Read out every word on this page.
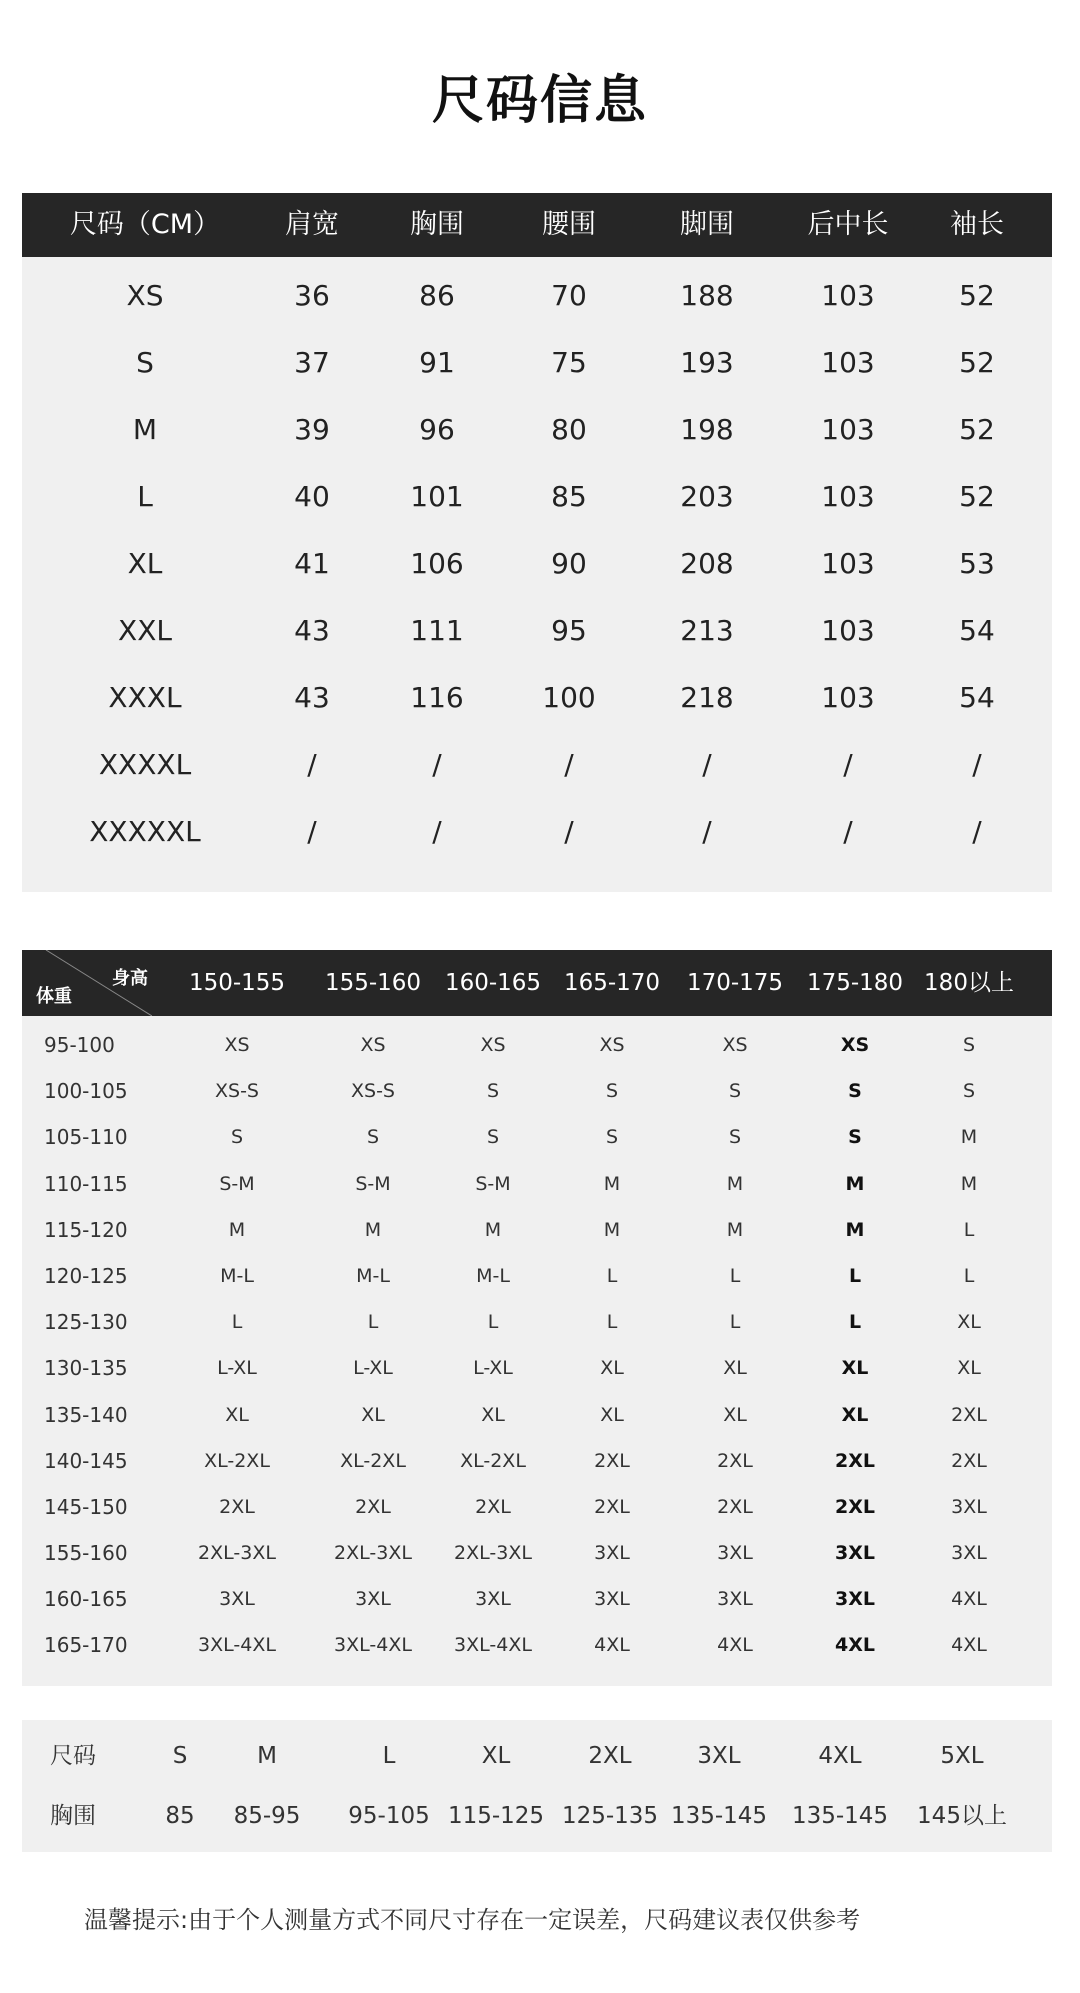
尺码信息
尺码（CM） 肩宽	胸围	腰围	脚围	后中长 袖长
XS	36	86	70	188	103	52
S	37	91	75	193	103	52
M	39	96	80	198	103	52
L	40	101	85	203	103	52
XL	41	106	90	208	103	53
XXL	43	111	95	213	103	54
XXXL	43	116	100	218	103	54
XXXXL	/	/	/	/	/	/
XXXXXL	/	/	/	/	/	/
身高
体重
150-155 155-160 160-165 165-170 170-175 175-180 180以上
95-100	XS	XS	XS	XS	XS	XS	S
100-105	XS-S	XS-S	S	S	S	S	S
105-110	S	S	S	S	S	S	M
110-115	S-M	S-M	S-M	M	M	M	M
115-120	M	M	M	M	M	M	L
120-125	M-L	M-L	M-L	L	L	L	L
125-130	L	L	L	L	L	L	XL
130-135	L-XL	L-XL	L-XL	XL	XL	XL	XL
135-140	XL	XL	XL	XL	XL	XL	2XL
140-145	XL-2XL	XL-2XL	XL-2XL	2XL	2XL	2XL	2XL
145-150	2XL	2XL	2XL	2XL	2XL	2XL	3XL
155-160	2XL-3XL	2XL-3XL 2XL-3XL	3XL	3XL	3XL	3XL
160-165	3XL	3XL	3XL	3XL	3XL	3XL	4XL
165-170	3XL-4XL	3XL-4XL 3XL-4XL	4XL	4XL	4XL	4XL
尺码	S	M	L	XL	2XL	3XL	4XL	5XL
胸围	85 85-95 95-105 115-125 125-135 135-145 135-145 145以上
温馨提示:由于个人测量方式不同尺寸存在一定误差，尺码建议表仅供参考
